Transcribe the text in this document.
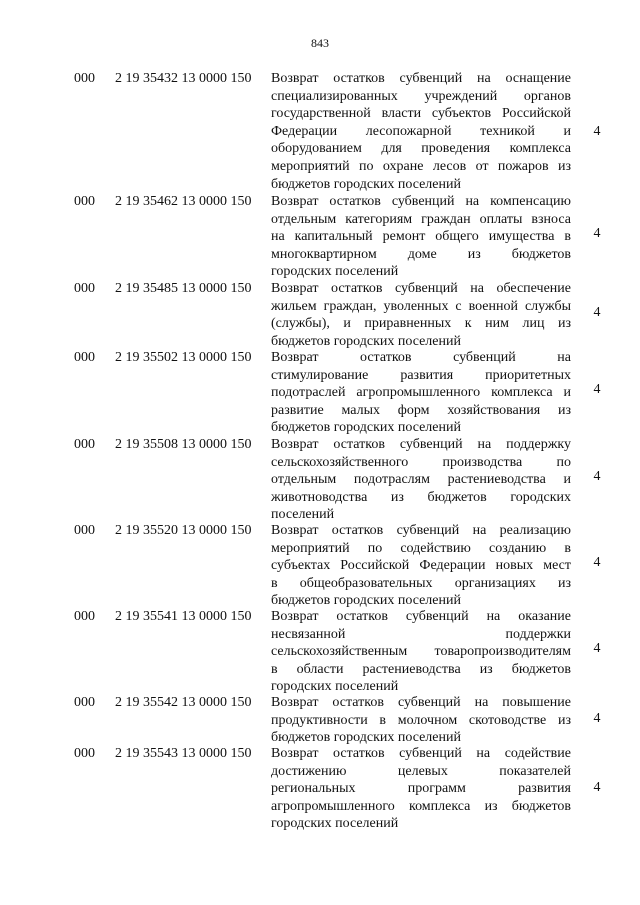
843
000 2 19 35432 13 0000 150 Возврат остатков субвенций на оснащение
специализированных учреждений органов
государственной власти субъектов Российской
Федерации лесопожарной техникой и
оборудованием для проведения комплекса
мероприятий по охране лесов от пожаров из
бюджетов городских поселений
4
000 2 19 35462 13 0000 150 Возврат остатков субвенций на компенсацию
отдельным категориям граждан оплаты взноса
на капитальный ремонт общего имущества в
многоквартирном доме из бюджетов
городских поселений
4
000 2 19 35485 13 0000 150 Возврат остатков субвенций на обеспечение
жильем граждан, уволенных с военной службы
(службы), и приравненных к ним лиц из
бюджетов городских поселений
4
000 2 19 35502 13 0000 150 Возврат остатков субвенций на
стимулирование развития приоритетных
подотраслей агропромышленного комплекса и
развитие малых форм хозяйствования из
бюджетов городских поселений
4
000 2 19 35508 13 0000 150 Возврат остатков субвенций на поддержку
сельскохозяйственного производства по
отдельным подотраслям растениеводства и
животноводства из бюджетов городских
поселений
4
000 2 19 35520 13 0000 150 Возврат остатков субвенций на реализацию
мероприятий по содействию созданию в
субъектах Российской Федерации новых мест
в общеобразовательных организациях из
бюджетов городских поселений
4
000 2 19 35541 13 0000 150 Возврат остатков субвенций на оказание
несвязанной поддержки
сельскохозяйственным товаропроизводителям
в области растениеводства из бюджетов
городских поселений
4
000 2 19 35542 13 0000 150 Возврат остатков субвенций на повышение
продуктивности в молочном скотоводстве из
бюджетов городских поселений
4
000 2 19 35543 13 0000 150 Возврат остатков субвенций на содействие
достижению целевых показателей
региональных программ развития
агропромышленного комплекса из бюджетов
городских поселений
4
